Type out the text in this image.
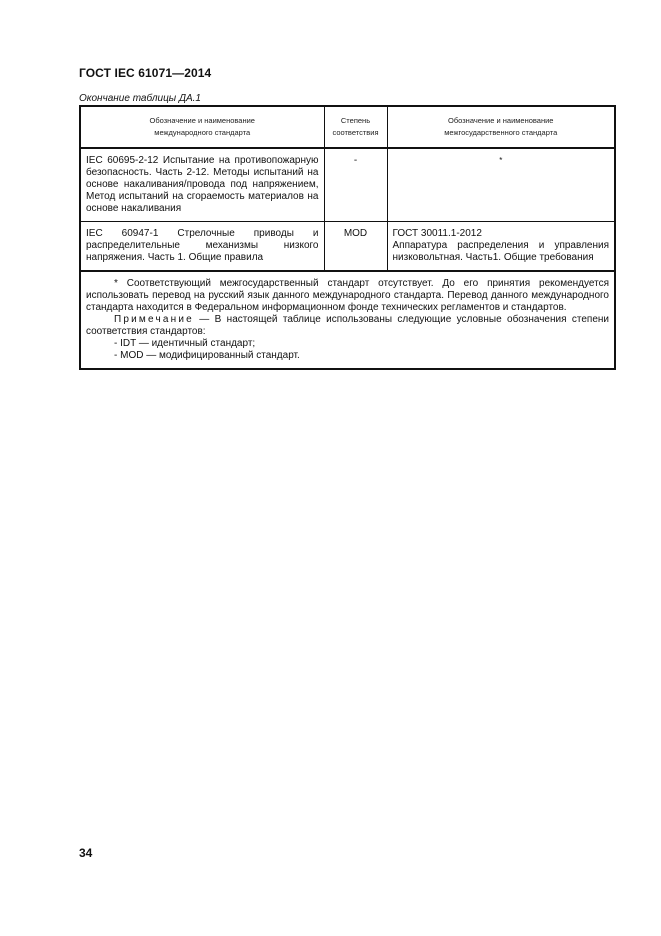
ГОСТ IEC 61071—2014
Окончание таблицы ДА.1
Обозначение и наименование международного стандарта	Степень соответствия	Обозначение и наименование межгосударственного стандарта

IEC 60695-2-12 Испытание на противопожарную безопасность. Часть 2-12. Методы испытаний на основе накаливания/провода под напряжением, Метод испытаний на сгораемость материалов на основе накаливания	-	*

IEC 60947-1 Стрелочные приводы и распределительные механизмы низкого напряжения. Часть 1. Общие правила	MOD	ГОСТ 30011.1-2012
Аппаратура распределения и управления низковольтная. Часть1. Общие требования

* Соответствующий межгосударственный стандарт отсутствует. До его принятия рекомендуется использовать перевод на русский язык данного международного стандарта. Перевод данного международного стандарта находится в Федеральном информационном фонде технических регламентов и стандартов.

Примечание — В настоящей таблице использованы следующие условные обозначения степени соответствия стандартов:

- IDT — идентичный стандарт;

- MOD — модифицированный стандарт.		

34
